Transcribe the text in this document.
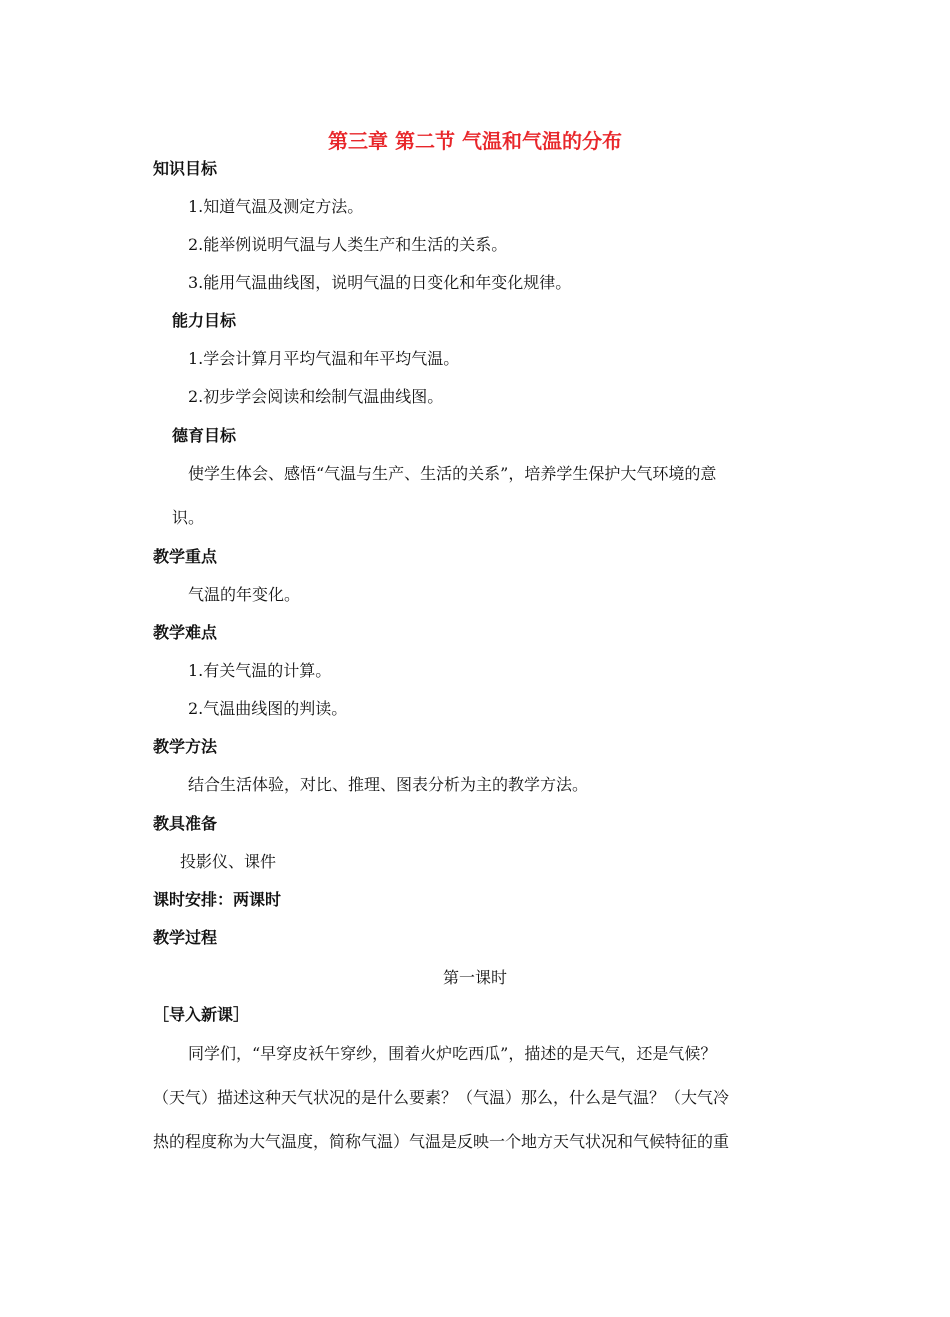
第三章 第二节 气温和气温的分布
知识目标
1.知道气温及测定方法。
2.能举例说明气温与人类生产和生活的关系。
3.能用气温曲线图，说明气温的日变化和年变化规律。
能力目标
1.学会计算月平均气温和年平均气温。
2.初步学会阅读和绘制气温曲线图。
德育目标
使学生体会、感悟“气温与生产、生活的关系”，培养学生保护大气环境的意
识。
教学重点
气温的年变化。
教学难点
1.有关气温的计算。
2.气温曲线图的判读。
教学方法
结合生活体验，对比、推理、图表分析为主的教学方法。
教具准备
投影仪、课件
课时安排：两课时
教学过程
第一课时
［导入新课］
同学们，“早穿皮袄午穿纱，围着火炉吃西瓜”，描述的是天气，还是气候？
（天气）描述这种天气状况的是什么要素？（气温）那么，什么是气温？（大气冷
热的程度称为大气温度，简称气温）气温是反映一个地方天气状况和气候特征的重
